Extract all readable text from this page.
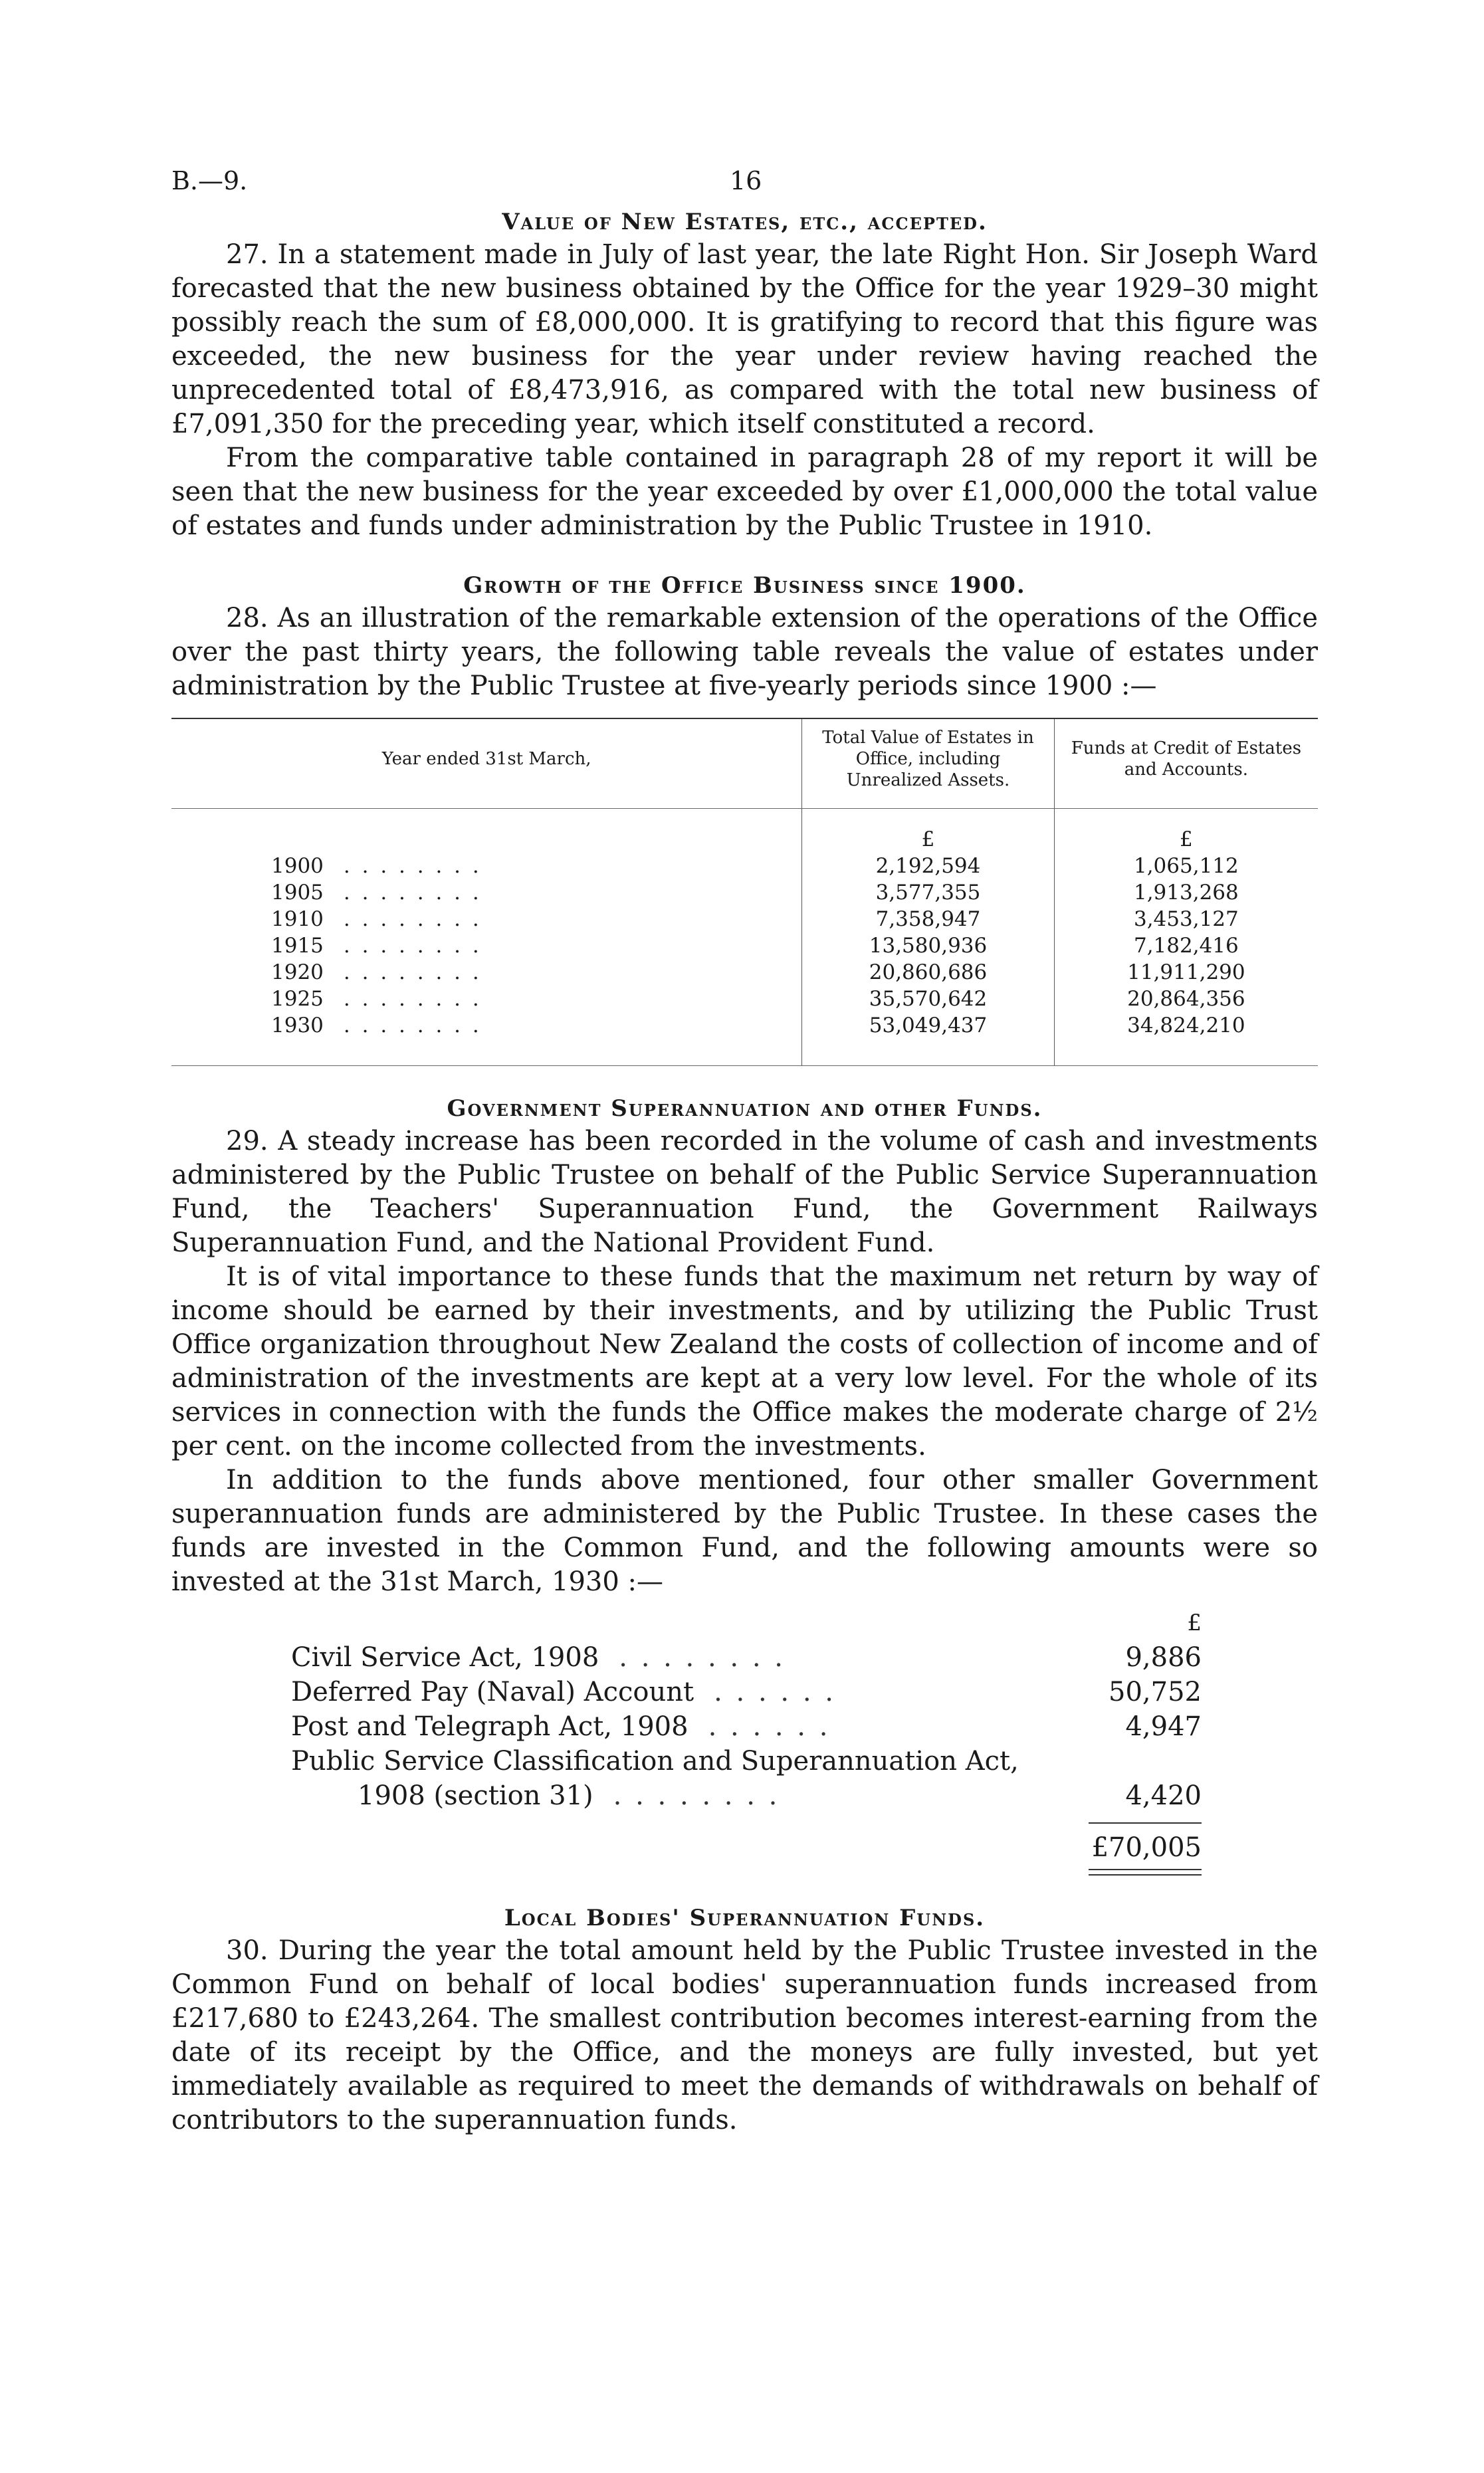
B.—9.	16
Value of New Estates, etc., accepted.

27. In a statement made in July of last year, the late Right Hon. Sir Joseph Ward forecasted that the new business obtained by the Office for the year 1929–30 might possibly reach the sum of £8,000,000. It is gratifying to record that this figure was exceeded, the new business for the year under review having reached the unprecedented total of £8,473,916, as compared with the total new business of £7,091,350 for the preceding year, which itself constituted a record.

From the comparative table contained in paragraph 28 of my report it will be seen that the new business for the year exceeded by over £1,000,000 the total value of estates and funds under administration by the Public Trustee in 1910.

Growth of the Office Business since 1900.

28. As an illustration of the remarkable extension of the operations of the Office over the past thirty years, the following table reveals the value of estates under administration by the Public Trustee at five-yearly periods since 1900 :—

Year ended 31st March,	Total Value of Estates in Office, including Unrealized Assets.	Funds at Credit of Estates and Accounts.
	£	£
1900 . . . . . . . .	2,192,594	1,065,112
1905 . . . . . . . .	3,577,355	1,913,268
1910 . . . . . . . .	7,358,947	3,453,127
1915 . . . . . . . .	13,580,936	7,182,416
1920 . . . . . . . .	20,860,686	11,911,290
1925 . . . . . . . .	35,570,642	20,864,356
1930 . . . . . . . .	53,049,437	34,824,210
Government Superannuation and other Funds.

29. A steady increase has been recorded in the volume of cash and investments administered by the Public Trustee on behalf of the Public Service Superannuation Fund, the Teachers' Superannuation Fund, the Government Railways Superannuation Fund, and the National Provident Fund.

It is of vital importance to these funds that the maximum net return by way of income should be earned by their investments, and by utilizing the Public Trust Office organization throughout New Zealand the costs of collection of income and of administration of the investments are kept at a very low level. For the whole of its services in connection with the funds the Office makes the moderate charge of 2½ per cent. on the income collected from the investments.

In addition to the funds above mentioned, four other smaller Government superannuation funds are administered by the Public Trustee. In these cases the funds are invested in the Common Fund, and the following amounts were so invested at the 31st March, 1930 :—

£
Civil Service Act, 1908 . . . . . . . .	9,886
Deferred Pay (Naval) Account . . . . . .	50,752
Post and Telegraph Act, 1908 . . . . . .	4,947
Public Service Classification and Superannuation Act,
1908 (section 31) . . . . . . . .	4,420
£70,005
Local Bodies' Superannuation Funds.

30. During the year the total amount held by the Public Trustee invested in the Common Fund on behalf of local bodies' superannuation funds increased from £217,680 to £243,264. The smallest contribution becomes interest-earning from the date of its receipt by the Office, and the moneys are fully invested, but yet immediately available as required to meet the demands of withdrawals on behalf of contributors to the superannuation funds.
